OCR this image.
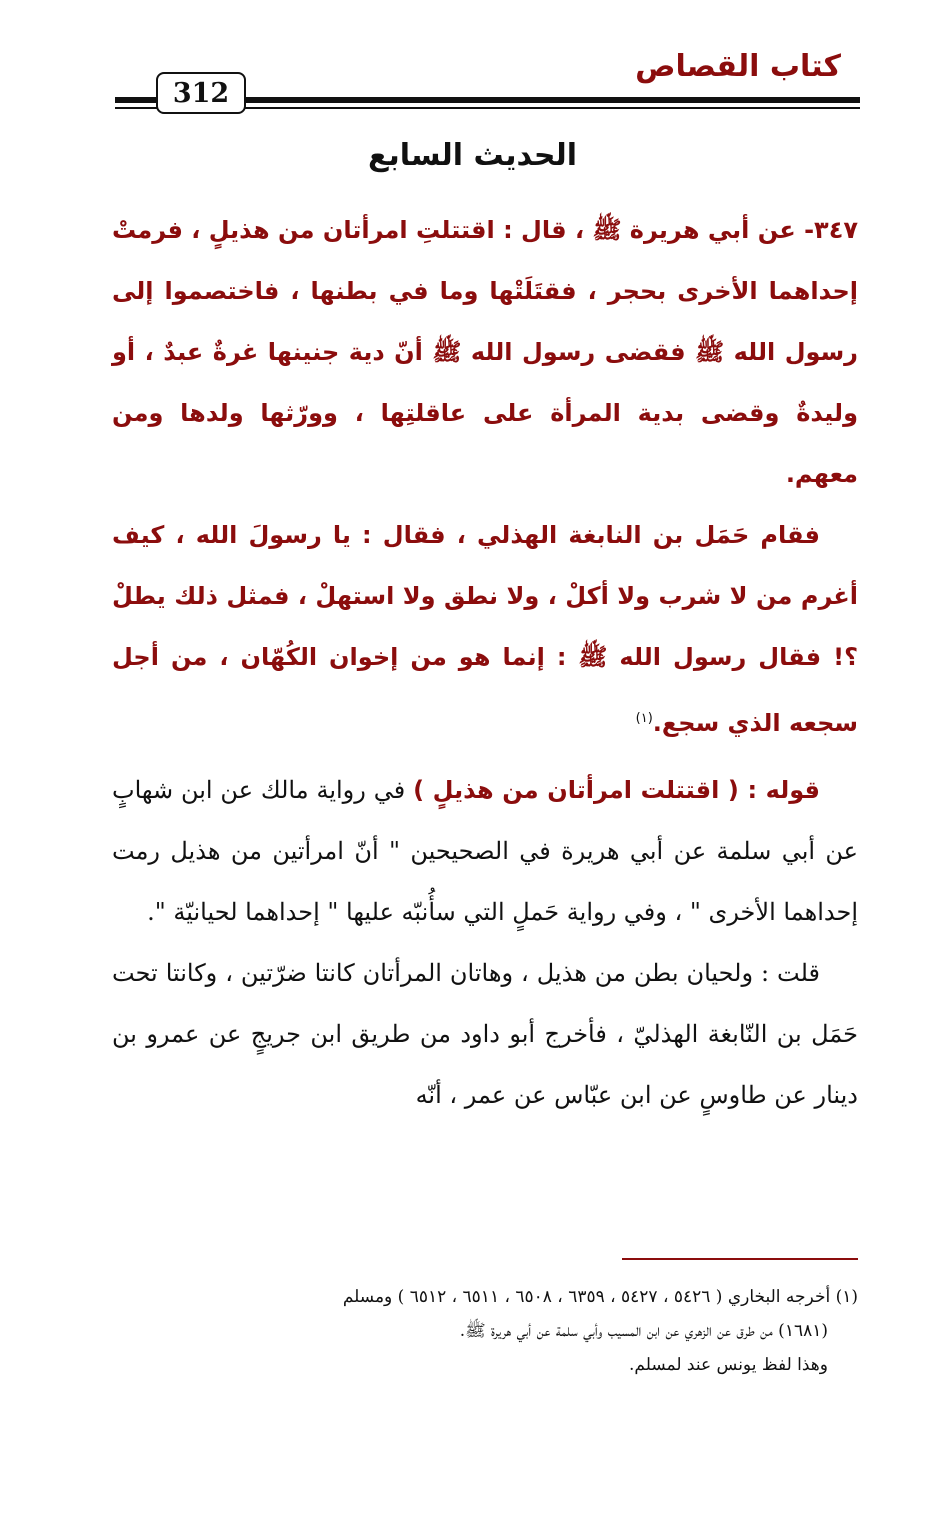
كتاب القصاص
312
الحديث السابع

٣٤٧- عن أبي هريرة ﷺ ، قال : اقتتلتِ امرأتان من هذيلٍ ، فرمتْ إحداهما الأخرى بحجر ، فقتَلَتْها وما في بطنها ، فاختصموا إلى رسول الله ﷺ فقضى رسول الله ﷺ أنّ دية جنينها غرةٌ عبدٌ ، أو وليدةٌ وقضى بدية المرأة على عاقلتِها ، وورّثها ولدها ومن معهم.

فقام حَمَل بن النابغة الهذلي ، فقال : يا رسولَ الله ، كيف أغرم من لا شرب ولا أكلْ ، ولا نطق ولا استهلْ ، فمثل ذلك يطلْ ؟! فقال رسول الله ﷺ : إنما هو من إخوان الكُهّان ، من أجل سجعه الذي سجع.$^{(١)}$

قوله : ( اقتتلت امرأتان من هذيلٍ ) في رواية مالك عن ابن شهابٍ عن أبي سلمة عن أبي هريرة في الصحيحين " أنّ امرأتين من هذيل رمت إحداهما الأخرى " ، وفي رواية حَملٍ التي سأُنبّه عليها " إحداهما لحيانيّة ".

قلت : ولحيان بطن من هذيل ، وهاتان المرأتان كانتا ضرّتين ، وكانتا تحت حَمَل بن النّابغة الهذليّ ، فأخرج أبو داود من طريق ابن جريجٍ عن عمرو بن دينار عن طاوسٍ عن ابن عبّاس عن عمر ، أنّه

(١) أخرجه البخاري ( ٥٤٢٦ ، ٥٤٢٧ ، ٦٣٥٩ ، ٦٥٠٨ ، ٦٥١١ ، ٦٥١٢ ) ومسلم

(١٦٨١) من طرق عن الزهري عن ابن المسيب وأبي سلمة عن أبي هريرة ﷺ.

وهذا لفظ يونس عند لمسلم.
